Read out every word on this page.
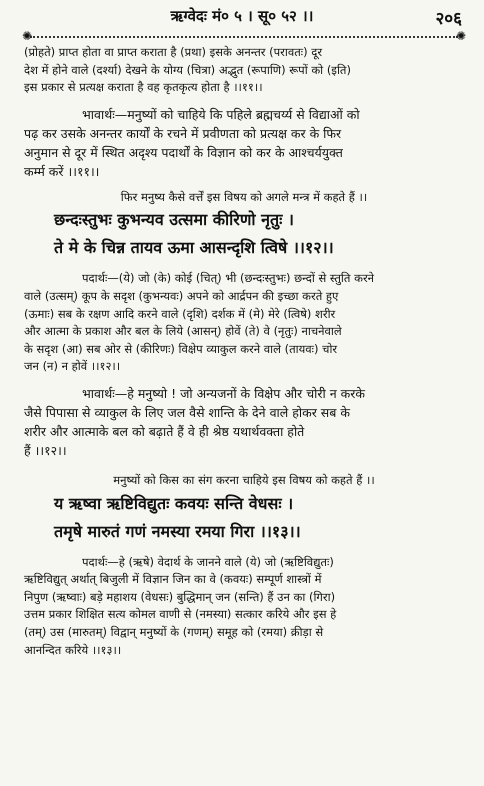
ऋग्वेदः मं० ५ । सू० ५२ ।।	२०६
✺	✺

(प्रोहते) प्राप्त होता वा प्राप्त कराता है (प्रथा) इसके अनन्तर (परावतः) दूर

देश में होने वाले (दर्श्या) देखने के योग्य (चित्रा) अद्भुत (रूपाणि) रूपों को (इति)

इस प्रकार से प्रत्यक्ष कराता है वह कृतकृत्य होता है ।।११।।

भावार्थः—मनुष्यों को चाहिये कि पहिले ब्रह्मचर्य्य से विद्याओं को

पढ़ कर उसके अनन्तर कार्यों के रचने में प्रवीणता को प्रत्यक्ष कर के फिर

अनुमान से दूर में स्थित अदृश्य पदार्थों के विज्ञान को कर के आश्चर्ययुक्त

कर्म्म करें ।।११।।

फिर मनुष्य कैसे वर्त्तें इस विषय को अगले मन्त्र में कहते हैं ।।

छन्दःस्तुभः कुभन्यव उत्समा कीरिणो नृतुः ।

ते मे के चिन्न तायव ऊमा आसन्दृशि त्विषे ।।१२।।

पदार्थः—(ये) जो (के) कोई (चित्) भी (छन्दःस्तुभः) छन्दों से स्तुति करने

वाले (उत्सम्) कूप के सदृश (कुभन्यवः) अपने को आर्द्रपन की इच्छा करते हुए

(ऊमाः) सब के रक्षण आदि करने वाले (दृशि) दर्शक में (मे) मेरे (त्विषे) शरीर

और आत्मा के प्रकाश और बल के लिये (आसन्) होवें (ते) वे (नृतुः) नाचनेवाले

के सदृश (आ) सब ओर से (कीरिणः) विक्षेप व्याकुल करने वाले (तायवः) चोर

जन (न) न होवें ।।१२।।

भावार्थः—हे मनुष्यो ! जो अन्यजनों के विक्षेप और चोरी न करके

जैसे पिपासा से व्याकुल के लिए जल वैसे शान्ति के देने वाले होकर सब के

शरीर और आत्माके बल को बढ़ाते हैं वे ही श्रेष्ठ यथार्थवक्ता होते

हैं ।।१२।।

मनुष्यों को किस का संग करना चाहिये इस विषय को कहते हैं ।।

य ऋष्वा ऋष्टिविद्युतः कवयः सन्ति वेधसः ।

तमृषे मारुतं गणं नमस्या रमया गिरा ।।१३।।

पदार्थः—हे (ऋषे) वेदार्थ के जानने वाले (ये) जो (ऋष्टिविद्युतः)

ऋष्टिविद्युत् अर्थात् बिजुली में विज्ञान जिन का वे (कवयः) सम्पूर्ण शास्त्रों में

निपुण (ऋष्वाः) बड़े महाशय (वेधसः) बुद्धिमान् जन (सन्ति) हैं उन का (गिरा)

उत्तम प्रकार शिक्षित सत्य कोमल वाणी से (नमस्या) सत्कार करिये और इस हे

(तम्) उस (मारुतम्) विद्वान् मनुष्यों के (गणम्) समूह को (रमया) क्रीड़ा से

आनन्दित करिये ।।१३।।
